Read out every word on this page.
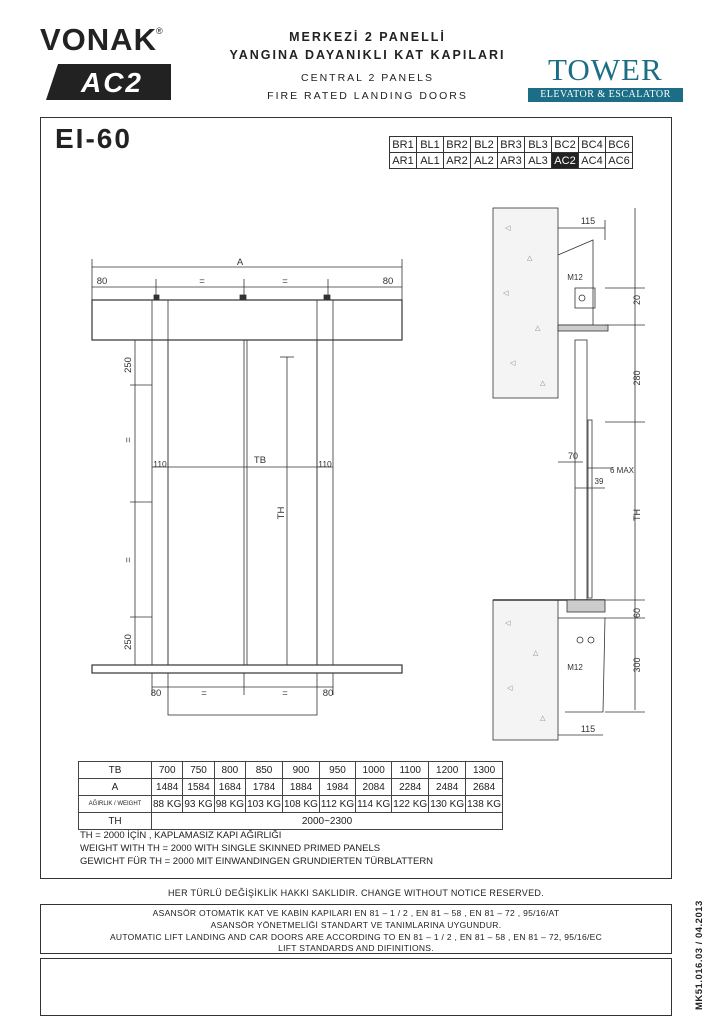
VONAK ®
AC2
MERKEZİ 2 PANELLİ
YANGINA DAYANIKLI KAT KAPILARI
CENTRAL 2 PANELS
FIRE RATED LANDING DOORS
TOWER
ELEVATOR & ESCALATOR
EI-60	BR1	BL1	BR2	BL2	BR3	BL3	BC2	BC4	BC6
AR1	AL1	AR2	AL2	AR3	AL3	AC2	AC4	AC6
A
80	=	=	80
110	TB	110
80	=	=	80
250
=
=
250
TH
◁
△
◁
△
◁
△
◁
△
◁
△
115
M12
20
280
70
6 MAX
39
TH
60
300
M12
115
TB	700	750	800	850	900	950	1000	1100	1200	1300
A	1484	1584	1684	1784	1884	1984	2084	2284	2484	2684
AĞIRLIK / WEIGHT	88 KG	93 KG	98 KG	103 KG	108 KG	112 KG	114 KG	122 KG	130 KG	138 KG
TH	2000~2300									
TH = 2000 İÇİN , KAPLAMASIZ KAPI AĞIRLIĞI
WEIGHT WITH TH = 2000 WITH SINGLE SKINNED PRIMED PANELS
GEWICHT FÜR TH = 2000 MIT EINWANDINGEN GRUNDIERTEN TÜRBLATTERN
HER TÜRLÜ DEĞİŞİKLİK HAKKI SAKLIDIR. CHANGE WITHOUT NOTICE RESERVED.
ASANSÖR OTOMATİK KAT VE KABİN KAPILARI EN 81 – 1 / 2 , EN 81 – 58 , EN 81 – 72 , 95/16/AT
ASANSÖR YÖNETMELİĞİ STANDART VE TANIMLARINA UYGUNDUR.
AUTOMATIC LIFT LANDING AND CAR DOORS ARE ACCORDING TO EN 81 – 1 / 2 , EN 81 – 58 , EN 81 – 72, 95/16/EC
LIFT STANDARDS AND DIFINITIONS.	MK51.016.03 / 04.2013
